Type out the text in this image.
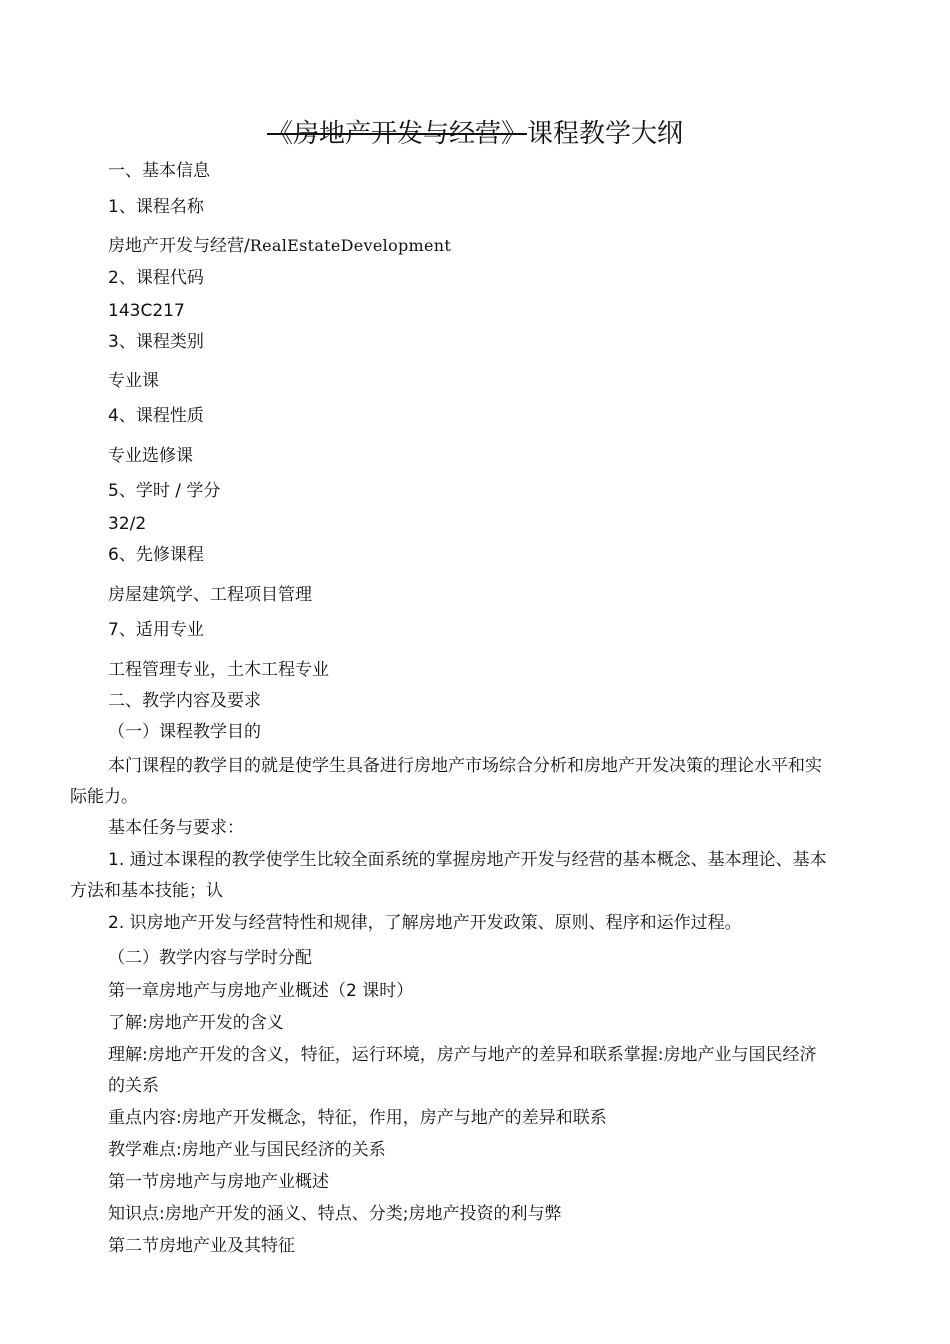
《房地产开发与经营》课程教学大纲
一、基本信息
1、课程名称
房地产开发与经营/RealEstateDevelopment
2、课程代码
143C217
3、课程类别
专业课
4、课程性质
专业选修课
5、学时 / 学分
32/2
6、先修课程
房屋建筑学、工程项目管理
7、适用专业
工程管理专业，土木工程专业
二、教学内容及要求
（一）课程教学目的
本门课程的教学目的就是使学生具备进行房地产市场综合分析和房地产开发决策的理论水平和实
际能力。
基本任务与要求：
1. 通过本课程的教学使学生比较全面系统的掌握房地产开发与经营的基本概念、基本理论、基本
方法和基本技能；认
2. 识房地产开发与经营特性和规律，了解房地产开发政策、原则、程序和运作过程。
（二）教学内容与学时分配
第一章房地产与房地产业概述（2 课时）
了解:房地产开发的含义
理解:房地产开发的含义，特征，运行环境，房产与地产的差异和联系掌握:房地产业与国民经济
的关系
重点内容:房地产开发概念，特征，作用，房产与地产的差异和联系
教学难点:房地产业与国民经济的关系
第一节房地产与房地产业概述
知识点:房地产开发的涵义、特点、分类;房地产投资的利与弊
第二节房地产业及其特征
